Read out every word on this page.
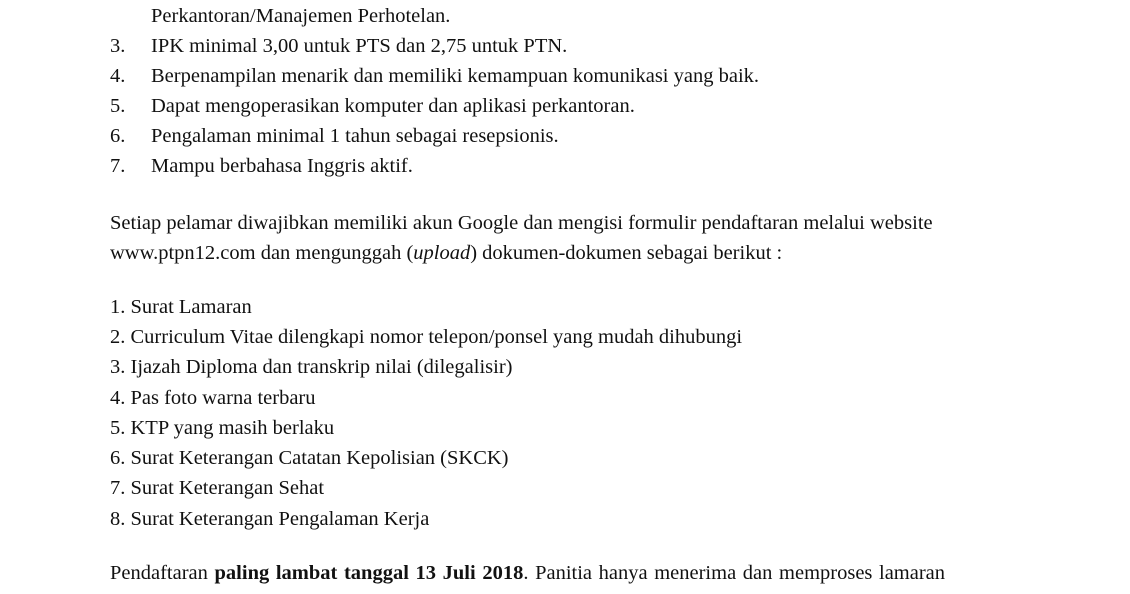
Perkantoran/Manajemen Perhotelan.
3. IPK minimal 3,00 untuk PTS dan 2,75 untuk PTN.
4. Berpenampilan menarik dan memiliki kemampuan komunikasi yang baik.
5. Dapat mengoperasikan komputer dan aplikasi perkantoran.
6. Pengalaman minimal 1 tahun sebagai resepsionis.
7. Mampu berbahasa Inggris aktif.
Setiap pelamar diwajibkan memiliki akun Google dan mengisi formulir pendaftaran melalui website
www.ptpn12.com dan mengunggah (upload) dokumen-dokumen sebagai berikut :
1. Surat Lamaran
2. Curriculum Vitae dilengkapi nomor telepon/ponsel yang mudah dihubungi
3. Ijazah Diploma dan transkrip nilai (dilegalisir)
4. Pas foto warna terbaru
5. KTP yang masih berlaku
6. Surat Keterangan Catatan Kepolisian (SKCK)
7. Surat Keterangan Sehat
8. Surat Keterangan Pengalaman Kerja
Pendaftaran paling lambat tanggal 13 Juli 2018. Panitia hanya menerima dan memproses lamaran
